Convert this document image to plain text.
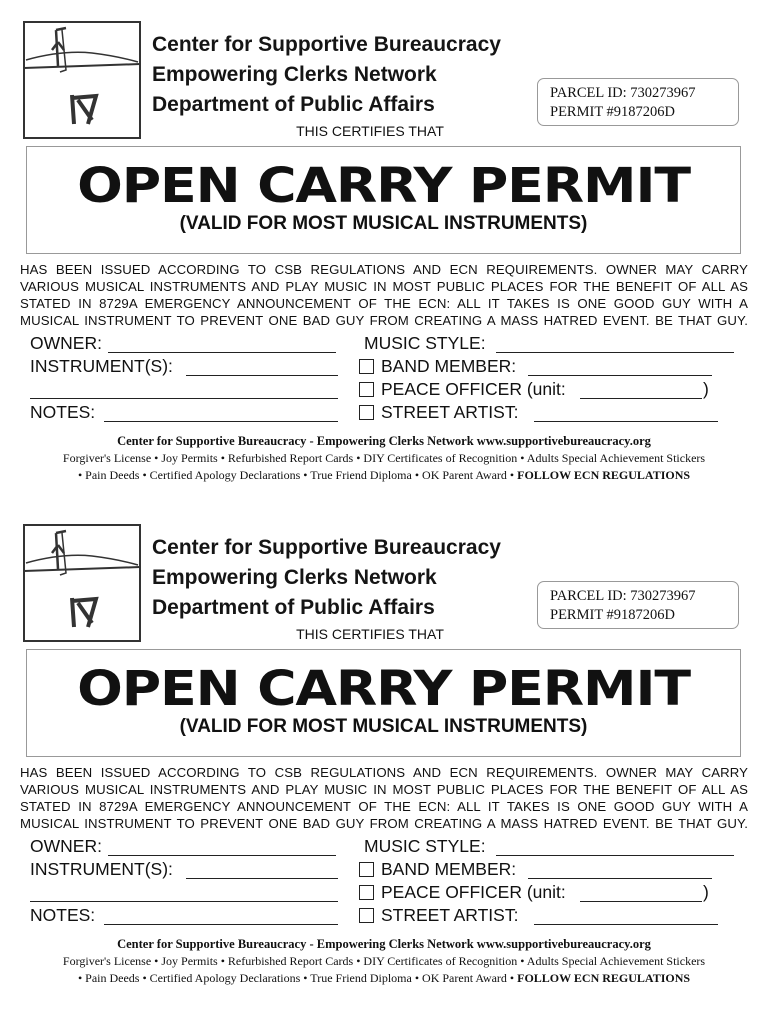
Center for Supportive Bureaucracy
Empowering Clerks Network
Department of Public Affairs	PARCEL ID: 730273967
PERMIT #9187206D
THIS CERTIFIES THAT
OPEN CARRY PERMIT
(VALID FOR MOST MUSICAL INSTRUMENTS)
HAS BEEN ISSUED ACCORDING TO CSB REGULATIONS AND ECN REQUIREMENTS. OWNER MAY CARRY
VARIOUS MUSICAL INSTRUMENTS AND PLAY MUSIC IN MOST PUBLIC PLACES FOR THE BENEFIT OF ALL AS
STATED IN 8729A EMERGENCY ANNOUNCEMENT OF THE ECN: ALL IT TAKES IS ONE GOOD GUY WITH A
MUSICAL INSTRUMENT TO PREVENT ONE BAD GUY FROM CREATING A MASS HATRED EVENT. BE THAT GUY.
OWNER:
INSTRUMENT(S):
NOTES:
MUSIC STYLE:
BAND MEMBER:
PEACE OFFICER (unit:	)
STREET ARTIST:
Center for Supportive Bureaucracy - Empowering Clerks Network www.supportivebureaucracy.org
Forgiver's License • Joy Permits • Refurbished Report Cards • DIY Certificates of Recognition • Adults Special Achievement Stickers
• Pain Deeds • Certified Apology Declarations • True Friend Diploma • OK Parent Award • FOLLOW ECN REGULATIONS
Center for Supportive Bureaucracy
Empowering Clerks Network
Department of Public Affairs	PARCEL ID: 730273967
PERMIT #9187206D
THIS CERTIFIES THAT
OPEN CARRY PERMIT
(VALID FOR MOST MUSICAL INSTRUMENTS)
HAS BEEN ISSUED ACCORDING TO CSB REGULATIONS AND ECN REQUIREMENTS. OWNER MAY CARRY
VARIOUS MUSICAL INSTRUMENTS AND PLAY MUSIC IN MOST PUBLIC PLACES FOR THE BENEFIT OF ALL AS
STATED IN 8729A EMERGENCY ANNOUNCEMENT OF THE ECN: ALL IT TAKES IS ONE GOOD GUY WITH A
MUSICAL INSTRUMENT TO PREVENT ONE BAD GUY FROM CREATING A MASS HATRED EVENT. BE THAT GUY.
OWNER:
INSTRUMENT(S):
NOTES:
MUSIC STYLE:
BAND MEMBER:
PEACE OFFICER (unit:	)
STREET ARTIST:
Center for Supportive Bureaucracy - Empowering Clerks Network www.supportivebureaucracy.org
Forgiver's License • Joy Permits • Refurbished Report Cards • DIY Certificates of Recognition • Adults Special Achievement Stickers
• Pain Deeds • Certified Apology Declarations • True Friend Diploma • OK Parent Award • FOLLOW ECN REGULATIONS
